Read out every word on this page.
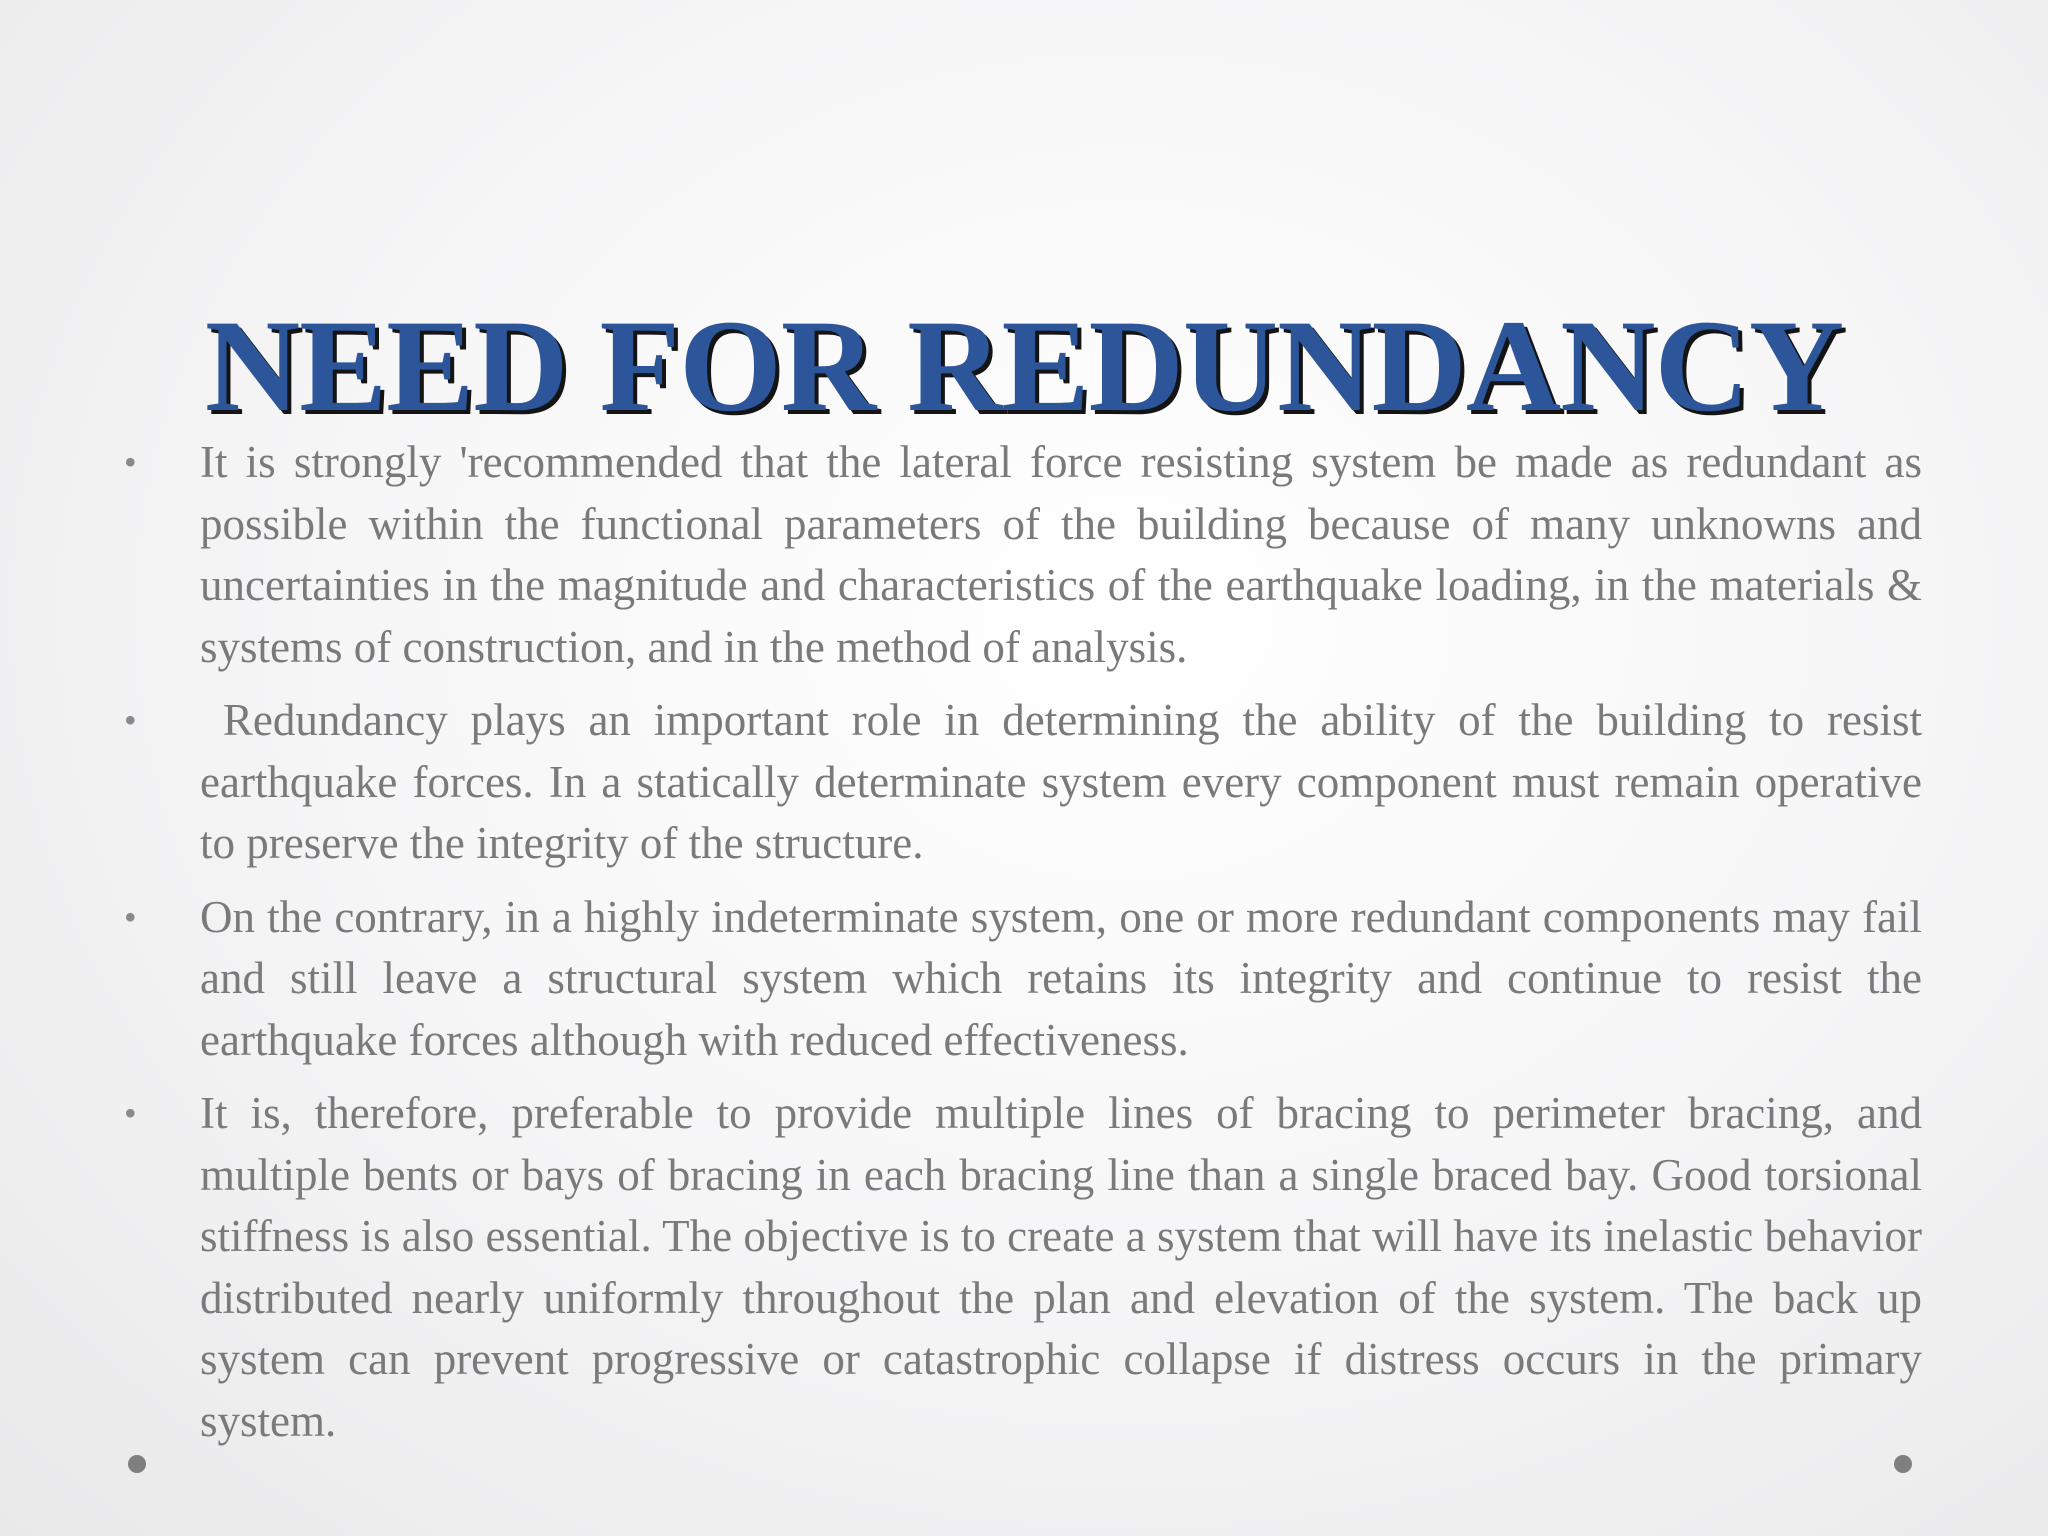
NEED FOR REDUNDANCY
• It is strongly 'recommended that the lateral force resisting system be made as redundant as possible within the functional parameters of the building because of many unknowns and uncertainties in the magnitude and characteristics of the earthquake loading, in the materials & systems of construction, and in the method of analysis.
• Redundancy plays an important role in determining the ability of the building to resist earthquake forces. In a statically determinate system every component must remain operative to preserve the integrity of the structure.
• On the contrary, in a highly indeterminate system, one or more redundant components may fail and still leave a structural system which retains its integrity and continue to resist the earthquake forces although with reduced effectiveness.
• It is, therefore, preferable to provide multiple lines of bracing to perimeter bracing, and multiple bents or bays of bracing in each bracing line than a single braced bay. Good torsional stiffness is also essential. The objective is to create a system that will have its inelastic behavior distributed nearly uniformly throughout the plan and elevation of the system. The back up system can prevent progressive or catastrophic collapse if distress occurs in the primary system.
